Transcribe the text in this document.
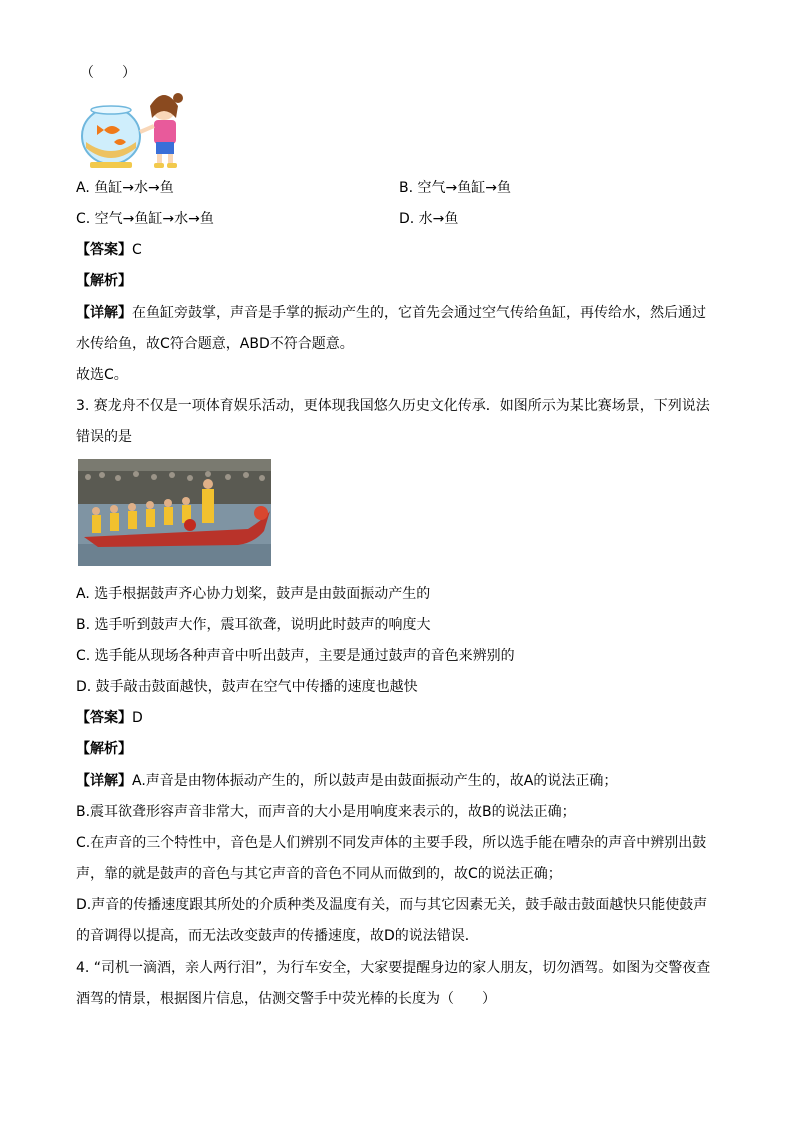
（　　）
A. 鱼缸→水→鱼	B. 空气→鱼缸→鱼
C. 空气→鱼缸→水→鱼	D. 水→鱼
【答案】C
【解析】
【详解】在鱼缸旁鼓掌，声音是手掌的振动产生的，它首先会通过空气传给鱼缸，再传给水，然后通过
水传给鱼，故C符合题意，ABD不符合题意。
故选C。
3. 赛龙舟不仅是一项体育娱乐活动，更体现我国悠久历史文化传承．如图所示为某比赛场景，下列说法
错误的是
A. 选手根据鼓声齐心协力划桨，鼓声是由鼓面振动产生的
B. 选手听到鼓声大作，震耳欲聋，说明此时鼓声的响度大
C. 选手能从现场各种声音中听出鼓声，主要是通过鼓声的音色来辨别的
D. 鼓手敲击鼓面越快，鼓声在空气中传播的速度也越快
【答案】D
【解析】
【详解】A.声音是由物体振动产生的，所以鼓声是由鼓面振动产生的，故A的说法正确；
B.震耳欲聋形容声音非常大，而声音的大小是用响度来表示的，故B的说法正确；
C.在声音的三个特性中，音色是人们辨别不同发声体的主要手段，所以选手能在嘈杂的声音中辨别出鼓
声，靠的就是鼓声的音色与其它声音的音色不同从而做到的，故C的说法正确；
D.声音的传播速度跟其所处的介质种类及温度有关，而与其它因素无关，鼓手敲击鼓面越快只能使鼓声
的音调得以提高，而无法改变鼓声的传播速度，故D的说法错误．
4. “司机一滴酒，亲人两行泪”，为行车安全，大家要提醒身边的家人朋友，切勿酒驾。如图为交警夜查
酒驾的情景，根据图片信息，估测交警手中荧光棒的长度为（　　）
